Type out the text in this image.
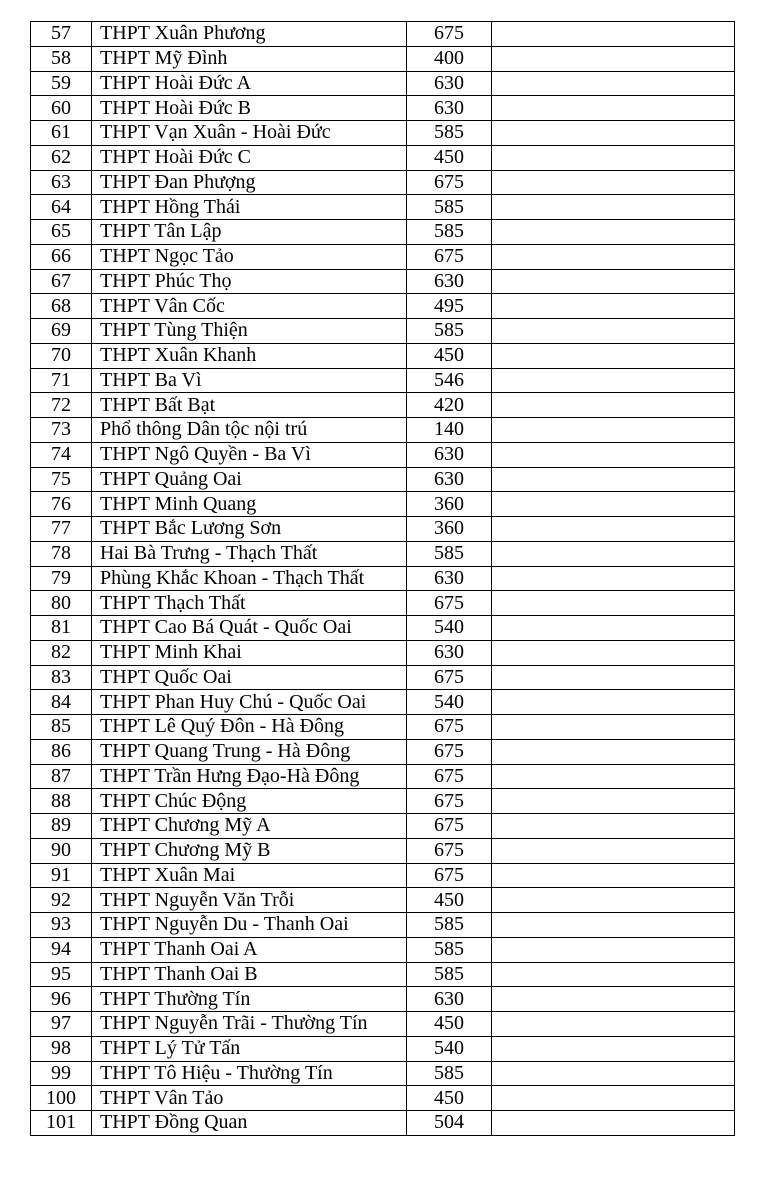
57	THPT Xuân Phương	675	
58	THPT Mỹ Đình	400	
59	THPT Hoài Đức A	630	
60	THPT Hoài Đức B	630	
61	THPT Vạn Xuân - Hoài Đức	585	
62	THPT Hoài Đức C	450	
63	THPT Đan Phượng	675	
64	THPT Hồng Thái	585	
65	THPT Tân Lập	585	
66	THPT Ngọc Tảo	675	
67	THPT Phúc Thọ	630	
68	THPT Vân Cốc	495	
69	THPT Tùng Thiện	585	
70	THPT Xuân Khanh	450	
71	THPT Ba Vì	546	
72	THPT Bất Bạt	420	
73	Phổ thông Dân tộc nội trú	140	
74	THPT Ngô Quyền - Ba Vì	630	
75	THPT Quảng Oai	630	
76	THPT Minh Quang	360	
77	THPT Bắc Lương Sơn	360	
78	Hai Bà Trưng - Thạch Thất	585	
79	Phùng Khắc Khoan - Thạch Thất	630	
80	THPT Thạch Thất	675	
81	THPT Cao Bá Quát - Quốc Oai	540	
82	THPT Minh Khai	630	
83	THPT Quốc Oai	675	
84	THPT Phan Huy Chú - Quốc Oai	540	
85	THPT Lê Quý Đôn - Hà Đông	675	
86	THPT Quang Trung - Hà Đông	675	
87	THPT Trần Hưng Đạo-Hà Đông	675	
88	THPT Chúc Động	675	
89	THPT Chương Mỹ A	675	
90	THPT Chương Mỹ B	675	
91	THPT Xuân Mai	675	
92	THPT Nguyễn Văn Trỗi	450	
93	THPT Nguyễn Du - Thanh Oai	585	
94	THPT Thanh Oai A	585	
95	THPT Thanh Oai B	585	
96	THPT Thường Tín	630	
97	THPT Nguyễn Trãi - Thường Tín	450	
98	THPT Lý Tử Tấn	540	
99	THPT Tô Hiệu - Thường Tín	585	
100	THPT Vân Tảo	450	
101	THPT Đồng Quan	504	
